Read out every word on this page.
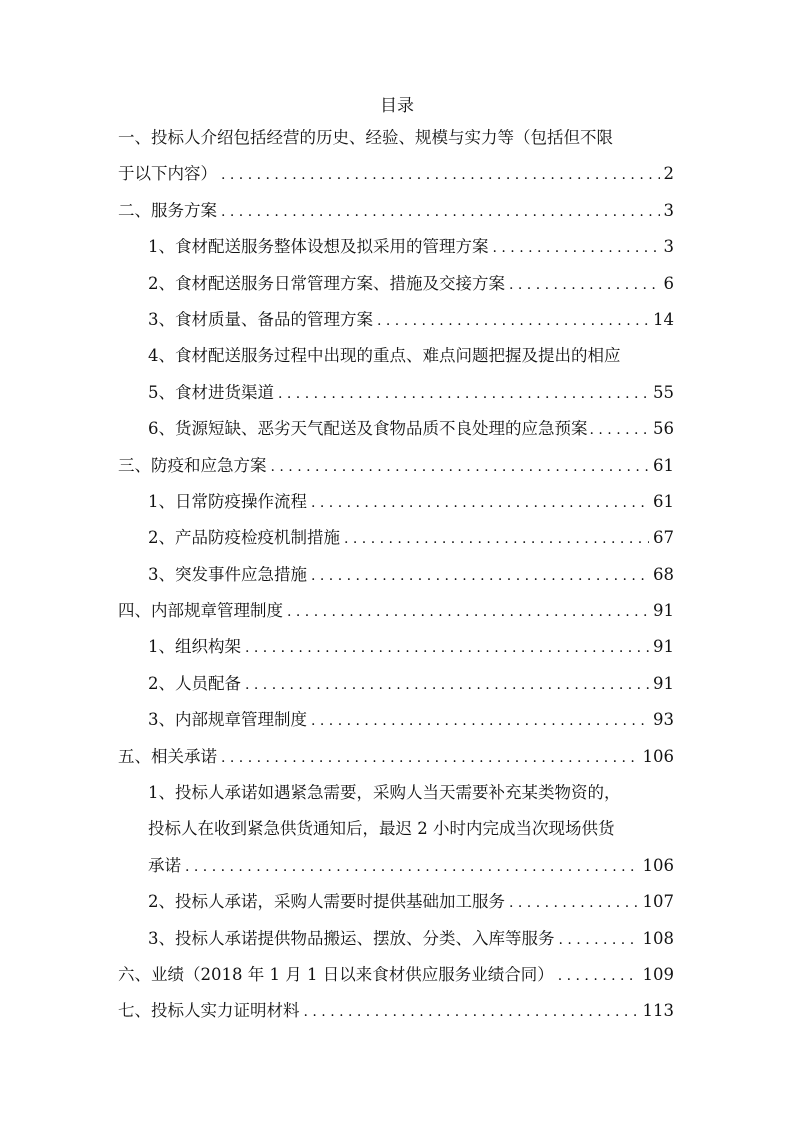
目录
一、投标人介绍包括经营的历史、经验、规模与实力等（包括但不限
于以下内容） . . .	2
二、服务方案 . . .	3
1、食材配送服务整体设想及拟采用的管理方案 . . .	3
2、食材配送服务日常管理方案、措施及交接方案 . . .	6
3、食材质量、备品的管理方案 . . .	14
4、食材配送服务过程中出现的重点、难点问题把握及提出的相应
5、食材进货渠道 . . .	55
6、货源短缺、恶劣天气配送及食物品质不良处理的应急预案 . . .	56
三、防疫和应急方案 . . .	61
1、日常防疫操作流程 . . .	61
2、产品防疫检疫机制措施 . . .	67
3、突发事件应急措施 . . .	68
四、内部规章管理制度 . . .	91
1、组织构架 . . .	91
2、人员配备 . . .	91
3、内部规章管理制度 . . .	93
五、相关承诺 . . .	106
1、投标人承诺如遇紧急需要，采购人当天需要补充某类物资的，
投标人在收到紧急供货通知后，最迟 2 小时内完成当次现场供货
承诺 . . .	106
2、投标人承诺，采购人需要时提供基础加工服务 . . .	107
3、投标人承诺提供物品搬运、摆放、分类、入库等服务 . . .	108
六、业绩（2018 年 1 月 1 日以来食材供应服务业绩合同） . . .	109
七、投标人实力证明材料 . . .	113
